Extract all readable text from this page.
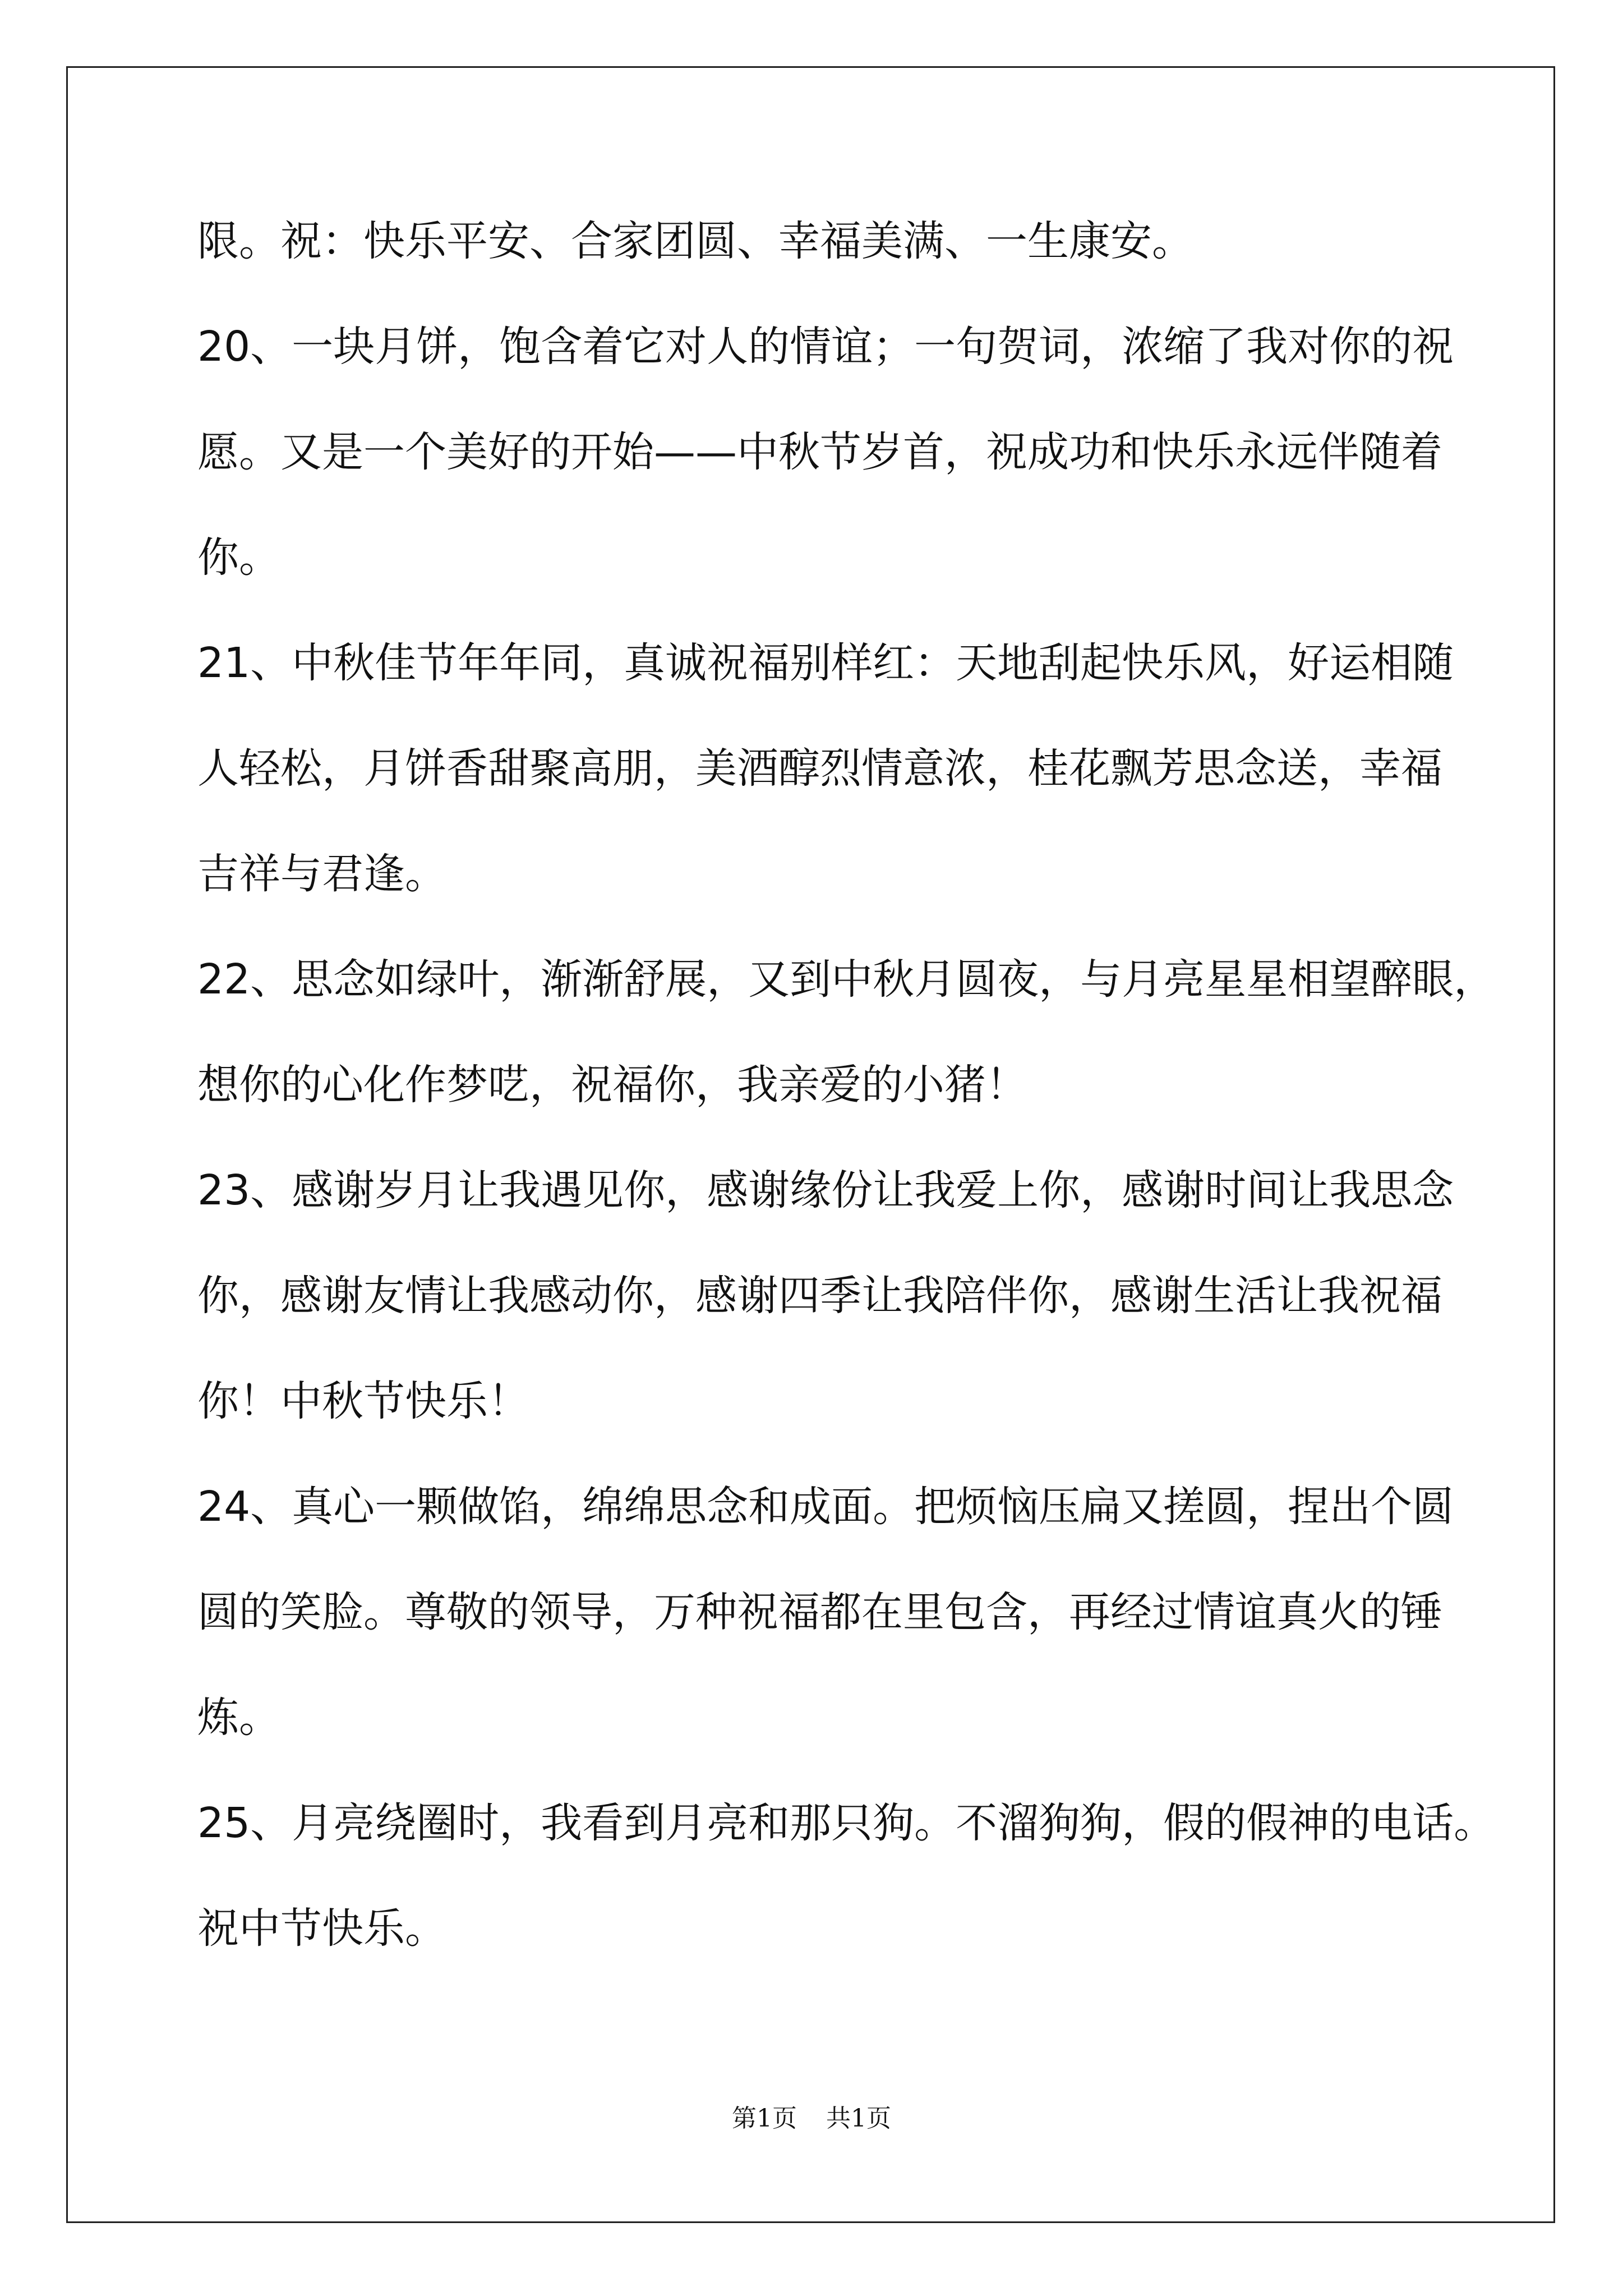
限。祝：快乐平安、合家团圆、幸福美满、一生康安。
20、一块月饼，饱含着它对人的情谊；一句贺词，浓缩了我对你的祝
愿。又是一个美好的开始——中秋节岁首，祝成功和快乐永远伴随着
你。
21、中秋佳节年年同，真诚祝福别样红：天地刮起快乐风，好运相随
人轻松，月饼香甜聚高朋，美酒醇烈情意浓，桂花飘芳思念送，幸福
吉祥与君逢。
22、思念如绿叶，渐渐舒展，又到中秋月圆夜，与月亮星星相望醉眼，
想你的心化作梦呓，祝福你，我亲爱的小猪！
23、感谢岁月让我遇见你，感谢缘份让我爱上你，感谢时间让我思念
你，感谢友情让我感动你，感谢四季让我陪伴你，感谢生活让我祝福
你！中秋节快乐！
24、真心一颗做馅，绵绵思念和成面。把烦恼压扁又搓圆，捏出个圆
圆的笑脸。尊敬的领导，万种祝福都在里包含，再经过情谊真火的锤
炼。
25、月亮绕圈时，我看到月亮和那只狗。不溜狗狗，假的假神的电话。
祝中节快乐。
第1页 共1页
